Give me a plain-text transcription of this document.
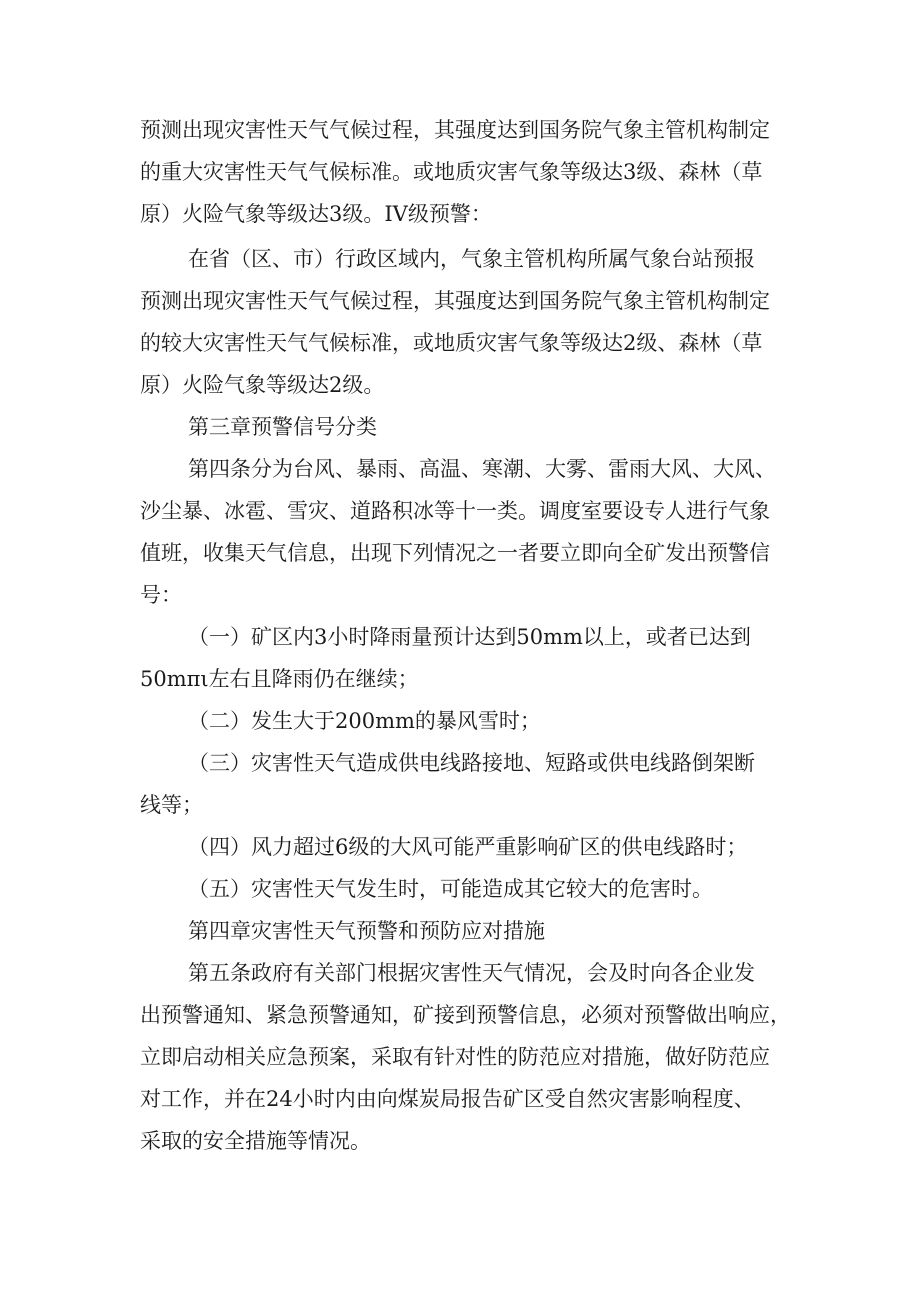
预测出现灾害性天气气候过程，其强度达到国务院气象主管机构制定
的重大灾害性天气气候标准。或地质灾害气象等级达3级、森林（草
原）火险气象等级达3级。IV级预警：
在省（区、市）行政区域内，气象主管机构所属气象台站预报
预测出现灾害性天气气候过程，其强度达到国务院气象主管机构制定
的较大灾害性天气气候标准，或地质灾害气象等级达2级、森林（草
原）火险气象等级达2级。
第三章预警信号分类
第四条分为台风、暴雨、高温、寒潮、大雾、雷雨大风、大风、
沙尘暴、冰雹、雪灾、道路积冰等十一类。调度室要设专人进行气象
值班，收集天气信息，出现下列情况之一者要立即向全矿发出预警信
号：
（一）矿区内3小时降雨量预计达到50mm以上，或者已达到
50mπι左右且降雨仍在继续；
（二）发生大于200mm的暴风雪时；
（三）灾害性天气造成供电线路接地、短路或供电线路倒架断
线等；
（四）风力超过6级的大风可能严重影响矿区的供电线路时；
（五）灾害性天气发生时，可能造成其它较大的危害时。
第四章灾害性天气预警和预防应对措施
第五条政府有关部门根据灾害性天气情况，会及时向各企业发
出预警通知、紧急预警通知，矿接到预警信息，必须对预警做出响应，
立即启动相关应急预案，采取有针对性的防范应对措施，做好防范应
对工作，并在24小时内由向煤炭局报告矿区受自然灾害影响程度、
采取的安全措施等情况。
